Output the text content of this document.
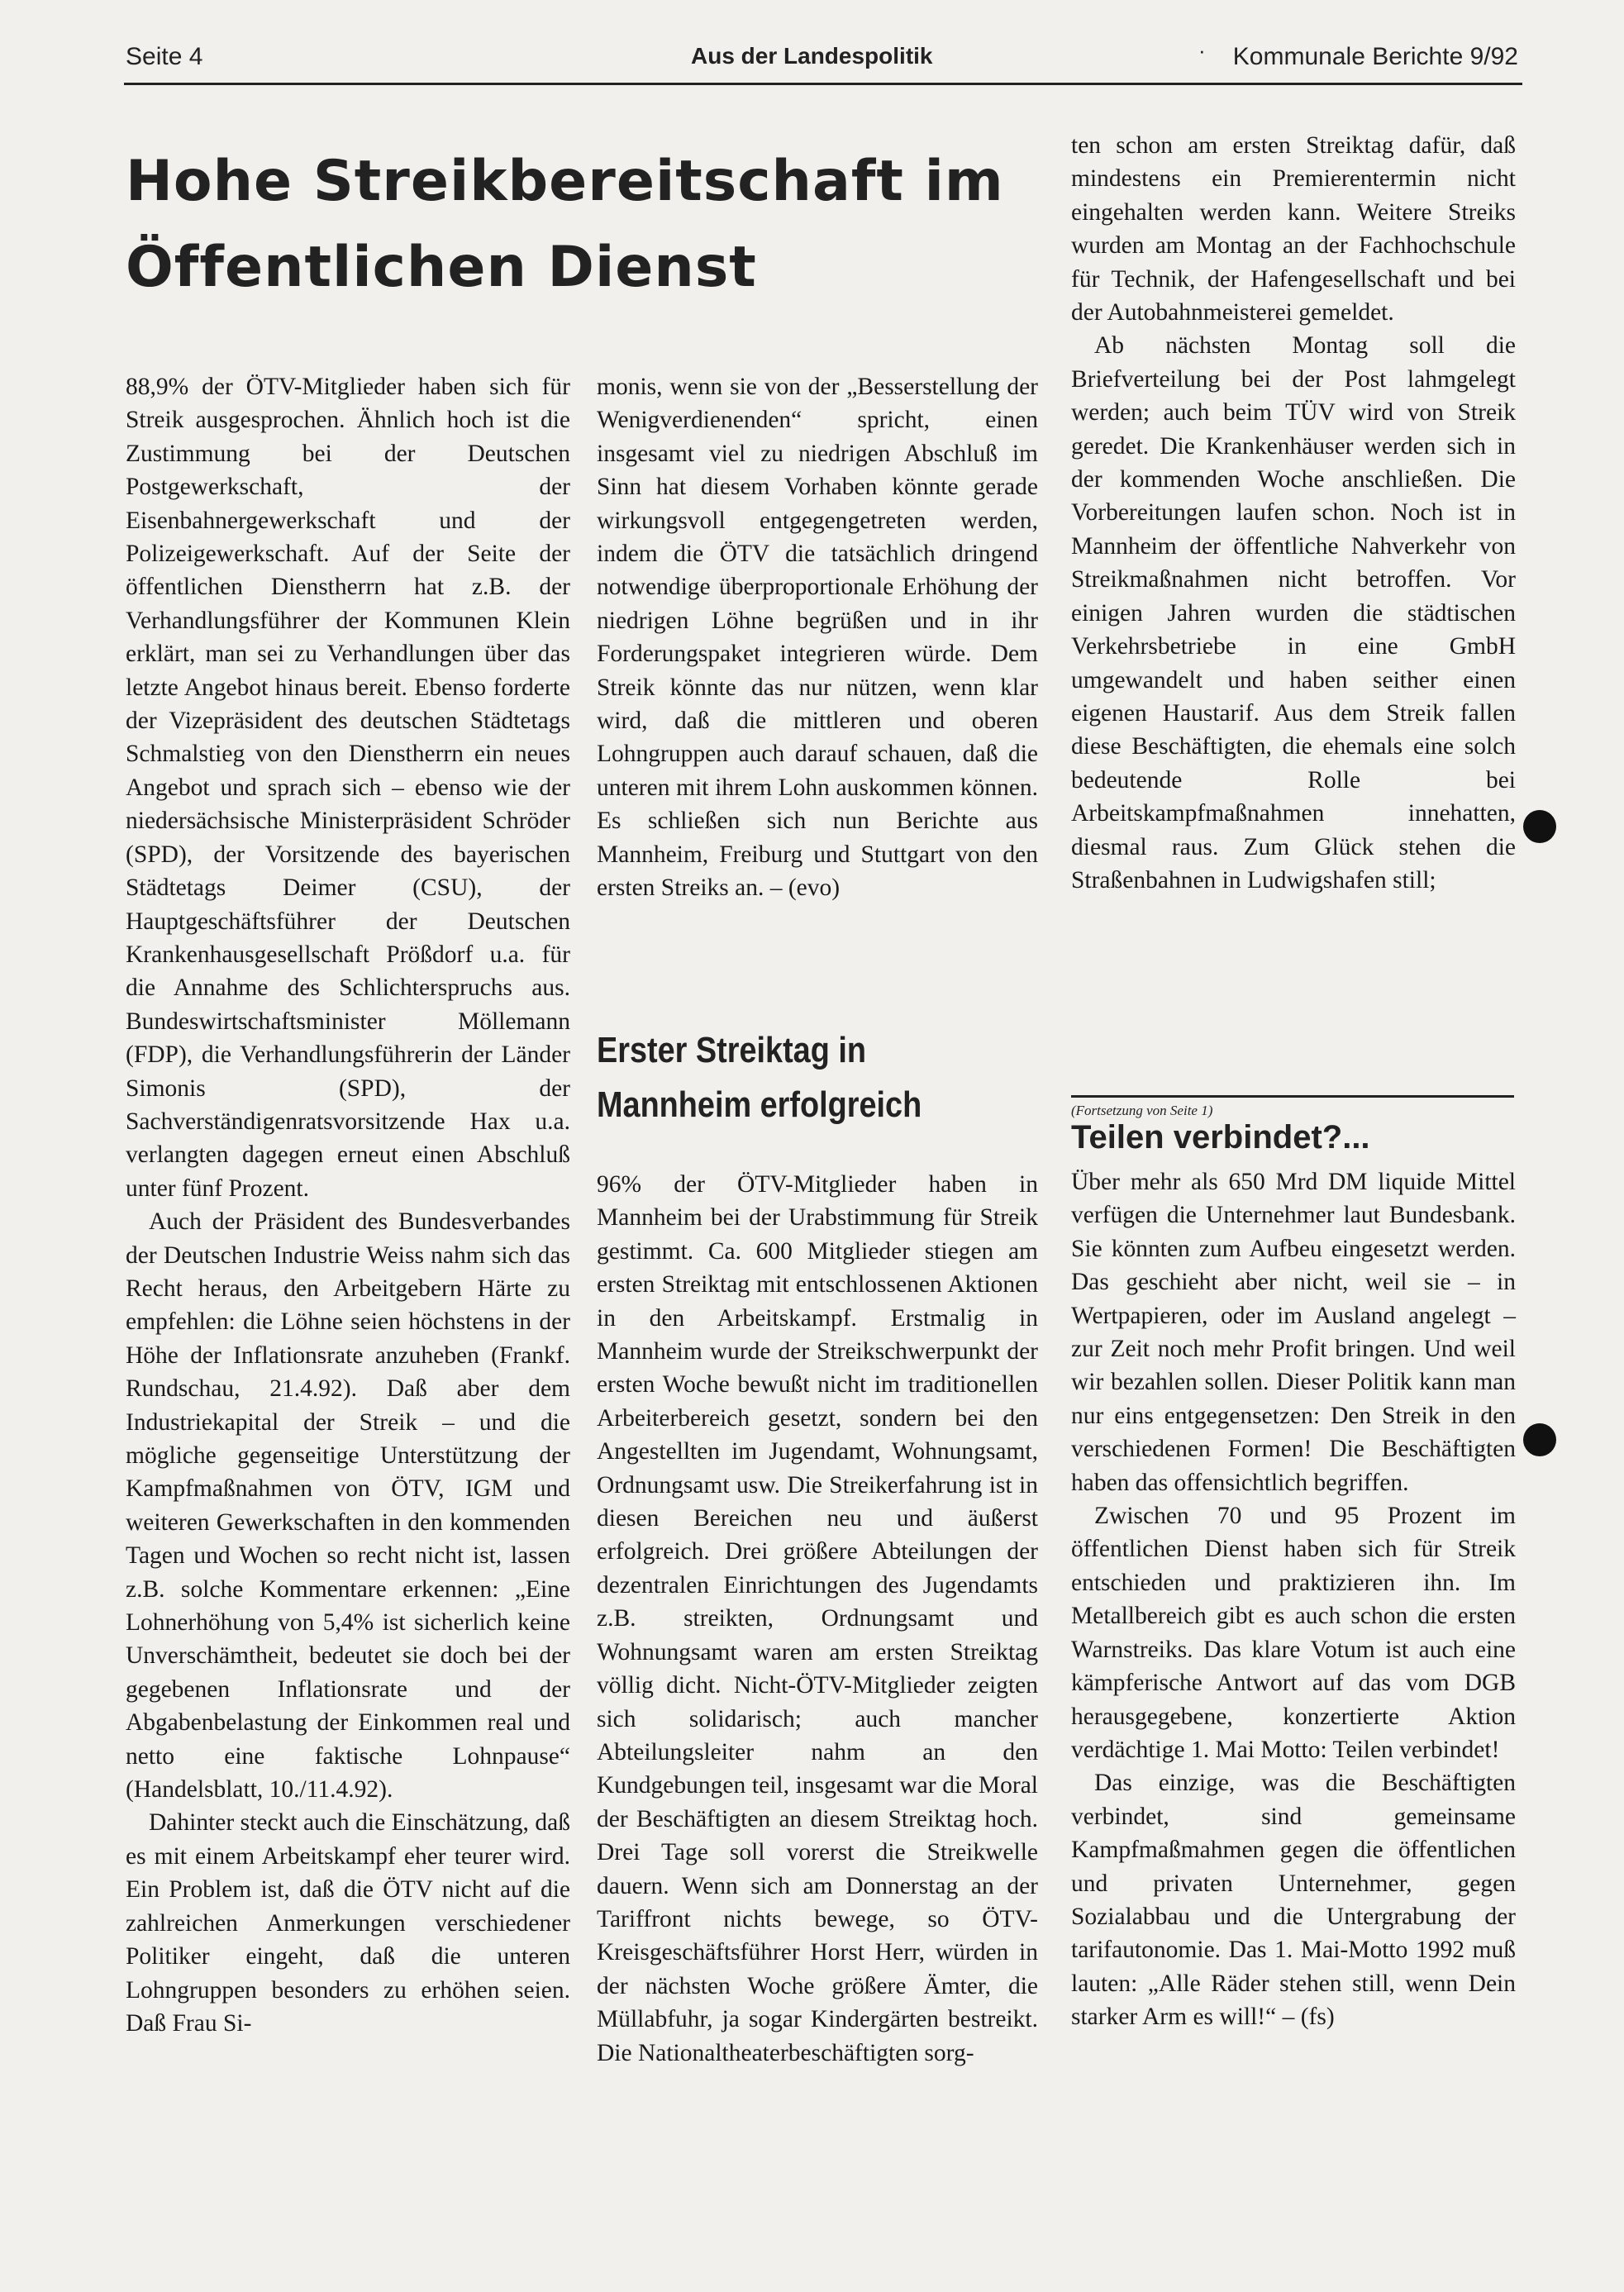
Seite 4	Aus der Landespolitik	· Kommunale Berichte 9/92
Hohe Streikbereitschaft im Öffentlichen Dienst

88,9% der ÖTV-Mitglieder haben sich für Streik ausgesprochen. Ähnlich hoch ist die Zustimmung bei der Deutschen Postgewerkschaft, der Eisenbahnergewerkschaft und der Polizeigewerkschaft. Auf der Seite der öffentlichen Dienstherrn hat z.B. der Verhandlungsführer der Kommunen Klein erklärt, man sei zu Verhandlungen über das letzte Angebot hinaus bereit. Ebenso forderte der Vizepräsident des deutschen Städtetags Schmalstieg von den Dienstherrn ein neues Angebot und sprach sich – ebenso wie der niedersächsische Ministerpräsident Schröder (SPD), der Vorsitzende des bayerischen Städtetags Deimer (CSU), der Hauptgeschäftsführer der Deutschen Krankenhausgesellschaft Prößdorf u.a. für die Annahme des Schlichterspruchs aus. Bundeswirtschaftsminister Möllemann (FDP), die Verhandlungsführerin der Länder Simonis (SPD), der Sachverständigenratsvorsitzende Hax u.a. verlangten dagegen erneut einen Abschluß unter fünf Prozent.

Auch der Präsident des Bundesverbandes der Deutschen Industrie Weiss nahm sich das Recht heraus, den Arbeitgebern Härte zu empfehlen: die Löhne seien höchstens in der Höhe der Inflationsrate anzuheben (Frankf. Rundschau, 21.4.92). Daß aber dem Industriekapital der Streik – und die mögliche gegenseitige Unterstützung der Kampfmaßnahmen von ÖTV, IGM und weiteren Gewerkschaften in den kommenden Tagen und Wochen so recht nicht ist, lassen z.B. solche Kommentare erkennen: „Eine Lohnerhöhung von 5,4% ist sicherlich keine Unverschämtheit, bedeutet sie doch bei der gegebenen Inflationsrate und der Abgabenbelastung der Einkommen real und netto eine faktische Lohnpause“ (Handelsblatt, 10./11.4.92).

Dahinter steckt auch die Einschätzung, daß es mit einem Arbeitskampf eher teurer wird. Ein Problem ist, daß die ÖTV nicht auf die zahlreichen Anmerkungen verschiedener Politiker eingeht, daß die unteren Lohngruppen besonders zu erhöhen seien. Daß Frau Si-

monis, wenn sie von der „Besserstellung der Wenigverdienenden“ spricht, einen insgesamt viel zu niedrigen Abschluß im Sinn hat diesem Vorhaben könnte gerade wirkungsvoll entgegengetreten werden, indem die ÖTV die tatsächlich dringend notwendige überproportionale Erhöhung der niedrigen Löhne begrüßen und in ihr Forderungspaket integrieren würde. Dem Streik könnte das nur nützen, wenn klar wird, daß die mittleren und oberen Lohngruppen auch darauf schauen, daß die unteren mit ihrem Lohn auskommen können. Es schließen sich nun Berichte aus Mannheim, Freiburg und Stuttgart von den ersten Streiks an. – (evo)

Erster Streiktag in Mannheim erfolgreich

96% der ÖTV-Mitglieder haben in Mannheim bei der Urabstimmung für Streik gestimmt. Ca. 600 Mitglieder stiegen am ersten Streiktag mit entschlossenen Aktionen in den Arbeitskampf. Erstmalig in Mannheim wurde der Streikschwerpunkt der ersten Woche bewußt nicht im traditionellen Arbeiterbereich gesetzt, sondern bei den Angestellten im Jugendamt, Wohnungsamt, Ordnungsamt usw. Die Streikerfahrung ist in diesen Bereichen neu und äußerst erfolgreich. Drei größere Abteilungen der dezentralen Einrichtungen des Jugendamts z.B. streikten, Ordnungsamt und Wohnungsamt waren am ersten Streiktag völlig dicht. Nicht-ÖTV-Mitglieder zeigten sich solidarisch; auch mancher Abteilungsleiter nahm an den Kundgebungen teil, insgesamt war die Moral der Beschäftigten an diesem Streiktag hoch. Drei Tage soll vorerst die Streikwelle dauern. Wenn sich am Donnerstag an der Tariffront nichts bewege, so ÖTV-Kreisgeschäftsführer Horst Herr, würden in der nächsten Woche größere Ämter, die Müllabfuhr, ja sogar Kindergärten bestreikt. Die Nationaltheaterbeschäftigten sorg-

ten schon am ersten Streiktag dafür, daß mindestens ein Premierentermin nicht eingehalten werden kann. Weitere Streiks wurden am Montag an der Fachhochschule für Technik, der Hafengesellschaft und bei der Autobahnmeisterei gemeldet.

Ab nächsten Montag soll die Briefverteilung bei der Post lahmgelegt werden; auch beim TÜV wird von Streik geredet. Die Krankenhäuser werden sich in der kommenden Woche anschließen. Die Vorbereitungen laufen schon. Noch ist in Mannheim der öffentliche Nahverkehr von Streikmaßnahmen nicht betroffen. Vor einigen Jahren wurden die städtischen Verkehrsbetriebe in eine GmbH umgewandelt und haben seither einen eigenen Haustarif. Aus dem Streik fallen diese Beschäftigten, die ehemals eine solch bedeutende Rolle bei Arbeitskampfmaßnahmen innehatten, diesmal raus. Zum Glück stehen die Straßenbahnen in Ludwigshafen still;

(Fortsetzung von Seite 1)
Teilen verbindet?...

Über mehr als 650 Mrd DM liquide Mittel verfügen die Unternehmer laut Bundesbank. Sie könnten zum Aufbeu eingesetzt werden. Das geschieht aber nicht, weil sie – in Wertpapieren, oder im Ausland angelegt – zur Zeit noch mehr Profit bringen. Und weil wir bezahlen sollen. Dieser Politik kann man nur eins entgegensetzen: Den Streik in den verschiedenen Formen! Die Beschäftigten haben das offensichtlich begriffen.

Zwischen 70 und 95 Prozent im öffentlichen Dienst haben sich für Streik entschieden und praktizieren ihn. Im Metallbereich gibt es auch schon die ersten Warnstreiks. Das klare Votum ist auch eine kämpferische Antwort auf das vom DGB herausgegebene, konzertierte Aktion verdächtige 1. Mai Motto: Teilen verbindet!

Das einzige, was die Beschäftigten verbindet, sind gemeinsame Kampfmaßmahmen gegen die öffentlichen und privaten Unternehmer, gegen Sozialabbau und die Untergrabung der tarifautonomie. Das 1. Mai-Motto 1992 muß lauten: „Alle Räder stehen still, wenn Dein starker Arm es will!“ – (fs)
